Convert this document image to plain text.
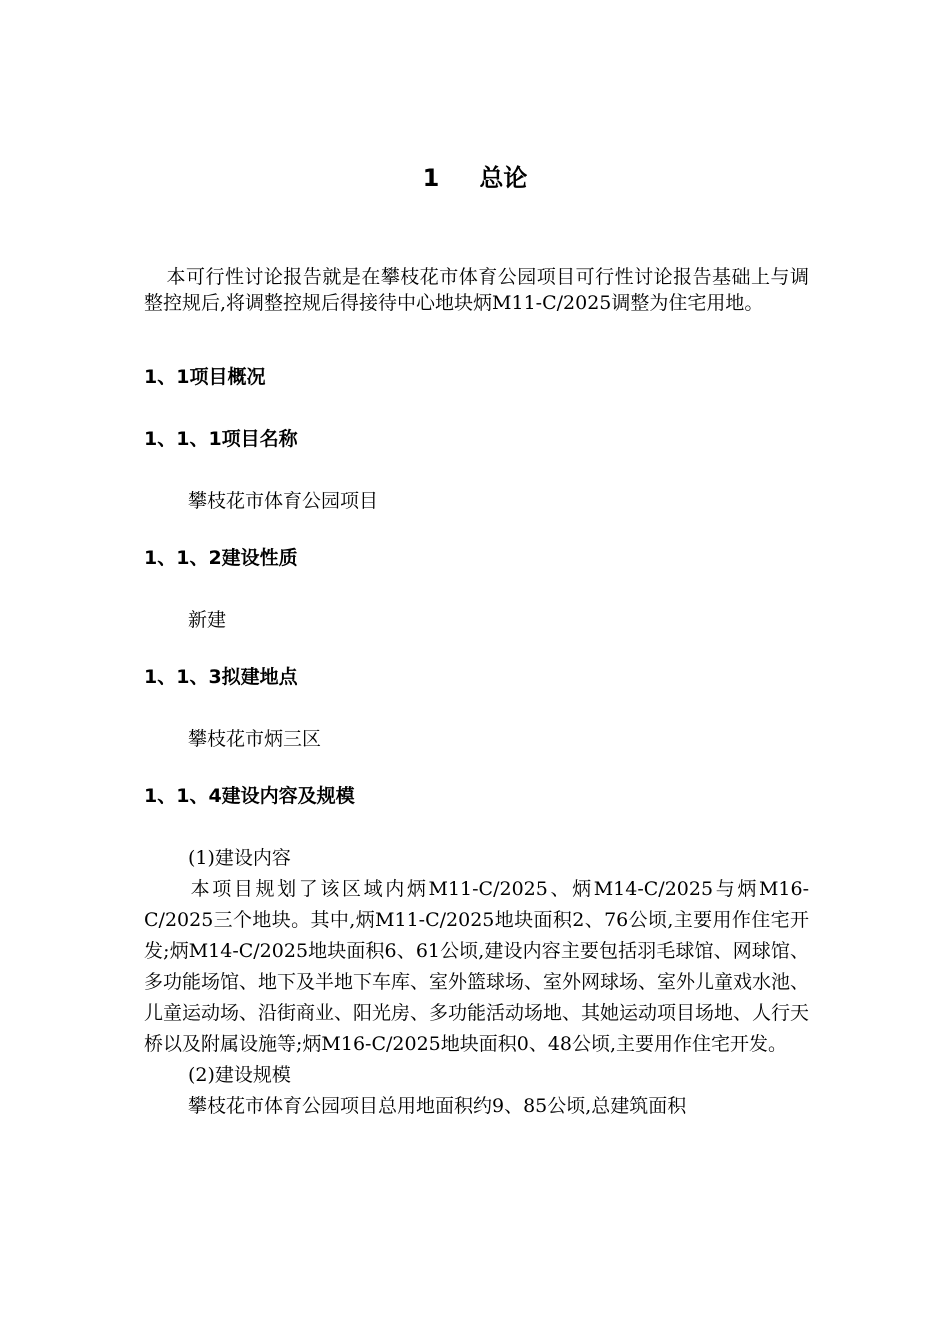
1 总论
本可行性讨论报告就是在攀枝花市体育公园项目可行性讨论报告基础上与调整控规后,将调整控规后得接待中心地块炳M11-C/2025调整为住宅用地。
1、1项目概况
1、1、1项目名称
攀枝花市体育公园项目
1、1、2建设性质
新建
1、1、3拟建地点
攀枝花市炳三区
1、1、4建设内容及规模
(1)建设内容
本项目规划了该区域内炳M11-C/2025、炳M14-C/2025与炳M16-C/2025三个地块。其中,炳M11-C/2025地块面积2、76公顷,主要用作住宅开发;炳M14-C/2025地块面积6、61公顷,建设内容主要包括羽毛球馆、网球馆、多功能场馆、地下及半地下车库、室外篮球场、室外网球场、室外儿童戏水池、儿童运动场、沿街商业、阳光房、多功能活动场地、其她运动项目场地、人行天桥以及附属设施等;炳M16-C/2025地块面积0、48公顷,主要用作住宅开发。
(2)建设规模
攀枝花市体育公园项目总用地面积约9、85公顷,总建筑面积
